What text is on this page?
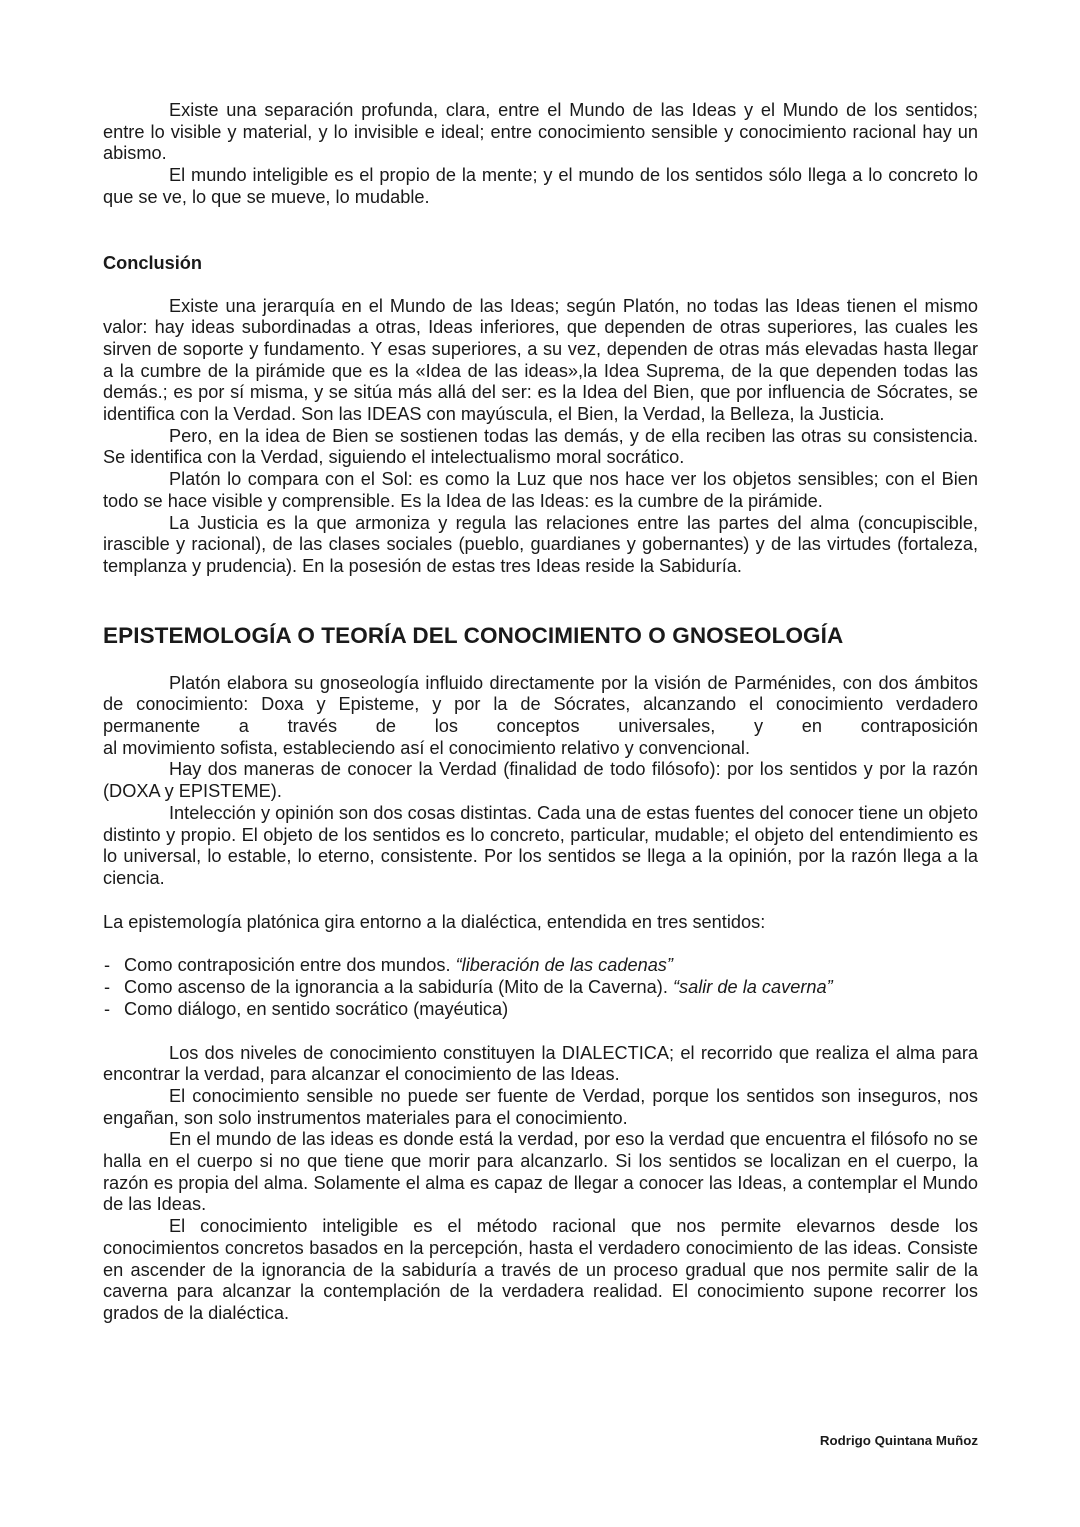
Existe una separación profunda, clara, entre el Mundo de las Ideas y el Mundo de los sentidos; entre lo visible y material, y lo invisible e ideal; entre conocimiento sensible y conocimiento racional hay un abismo.

El mundo inteligible es el propio de la mente; y el mundo de los sentidos sólo llega a lo concreto lo que se ve, lo que se mueve, lo mudable.

Conclusión

Existe una jerarquía en el Mundo de las Ideas; según Platón, no todas las Ideas tienen el mismo valor: hay ideas subordinadas a otras, Ideas inferiores, que dependen de otras superiores, las cuales les sirven de soporte y fundamento. Y esas superiores, a su vez, dependen de otras más elevadas hasta llegar a la cumbre de la pirámide que es la «Idea de las ideas»,la Idea Suprema, de la que dependen todas las demás.; es por sí misma, y se sitúa más allá del ser: es la Idea del Bien, que por influencia de Sócrates, se identifica con la Verdad. Son las IDEAS con mayúscula, el Bien, la Verdad, la Belleza, la Justicia.

Pero, en la idea de Bien se sostienen todas las demás, y de ella reciben las otras su consistencia. Se identifica con la Verdad, siguiendo el intelectualismo moral socrático.

Platón lo compara con el Sol: es como la Luz que nos hace ver los objetos sensibles; con el Bien todo se hace visible y comprensible. Es la Idea de las Ideas: es la cumbre de la pirámide.

La Justicia es la que armoniza y regula las relaciones entre las partes del alma (concupiscible, irascible y racional), de las clases sociales (pueblo, guardianes y gobernantes) y de las virtudes (fortaleza, templanza y prudencia). En la posesión de estas tres Ideas reside la Sabiduría.

EPISTEMOLOGÍA O TEORÍA DEL CONOCIMIENTO O GNOSEOLOGÍA

Platón elabora su gnoseología influido directamente por la visión de Parménides, con dos ámbitos de conocimiento: Doxa y Episteme, y por la de Sócrates, alcanzando el conocimiento verdadero permanente a través de los conceptos universales, y en contraposición

al movimiento sofista, estableciendo así el conocimiento relativo y convencional.

Hay dos maneras de conocer la Verdad (finalidad de todo filósofo): por los sentidos y por la razón (DOXA y EPISTEME).

Intelección y opinión son dos cosas distintas. Cada una de estas fuentes del conocer tiene un objeto distinto y propio. El objeto de los sentidos es lo concreto, particular, mudable; el objeto del entendimiento es lo universal, lo estable, lo eterno, consistente. Por los sentidos se llega a la opinión, por la razón llega a la ciencia.

La epistemología platónica gira entorno a la dialéctica, entendida en tres sentidos:

- Como contraposición entre dos mundos. “liberación de las cadenas”
- Como ascenso de la ignorancia a la sabiduría (Mito de la Caverna). “salir de la caverna”
- Como diálogo, en sentido socrático (mayéutica)

Los dos niveles de conocimiento constituyen la DIALECTICA; el recorrido que realiza el alma para encontrar la verdad, para alcanzar el conocimiento de las Ideas.

El conocimiento sensible no puede ser fuente de Verdad, porque los sentidos son inseguros, nos engañan, son solo instrumentos materiales para el conocimiento.

En el mundo de las ideas es donde está la verdad, por eso la verdad que encuentra el filósofo no se halla en el cuerpo si no que tiene que morir para alcanzarlo. Si los sentidos se localizan en el cuerpo, la razón es propia del alma. Solamente el alma es capaz de llegar a conocer las Ideas, a contemplar el Mundo de las Ideas.

El conocimiento inteligible es el método racional que nos permite elevarnos desde los conocimientos concretos basados en la percepción, hasta el verdadero conocimiento de las ideas. Consiste en ascender de la ignorancia de la sabiduría a través de un proceso gradual que nos permite salir de la caverna para alcanzar la contemplación de la verdadera realidad. El conocimiento supone recorrer los grados de la dialéctica.

Rodrigo Quintana Muñoz
